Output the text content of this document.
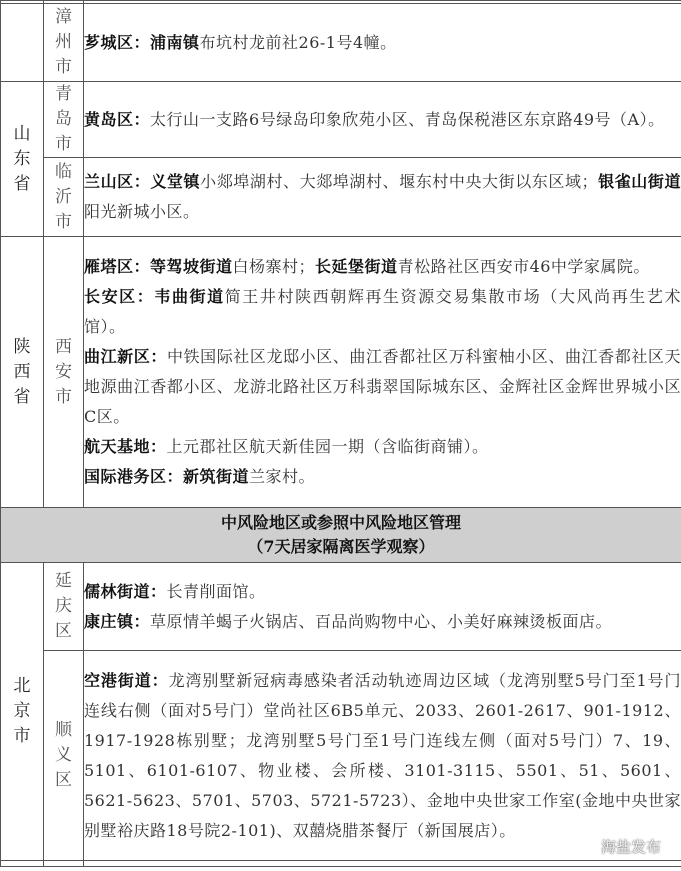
	漳州市	芗城区：浦南镇布坑村龙前社26-1号4幢。

山东省	青岛市	黄岛区：太行山一支路6号绿岛印象欣苑小区、青岛保税港区东京路49号（A）。

	临沂市	兰山区：义堂镇小郯埠湖村、大郯埠湖村、堰东村中央大街以东区域；银雀山街道阳光新城小区。

陕西省	西安市	雁塔区：等驾坡街道白杨寨村；长延堡街道青松路社区西安市46中学家属院。

长安区：韦曲街道简王井村陕西朝辉再生资源交易集散市场（大风尚再生艺术馆）。

曲江新区：中铁国际社区龙邸小区、曲江香都社区万科蜜柚小区、曲江香都社区天地源曲江香都小区、龙游北路社区万科翡翠国际城东区、金辉社区金辉世界城小区C区。

航天基地：上元郡社区航天新佳园一期（含临街商铺）。

国际港务区：新筑街道兰家村。

中风险地区或参照中风险地区管理
（7天居家隔离医学观察）		

北京市	延庆区	儒林街道：长青削面馆。

康庄镇：草原情羊蝎子火锅店、百品尚购物中心、小美好麻辣烫板面店。

	顺义区	空港街道：龙湾别墅新冠病毒感染者活动轨迹周边区域（龙湾别墅5号门至1号门连线右侧（面对5号门）堂尚社区6B5单元、2033、2601-2617、901-1912、1917-1928栋别墅；龙湾别墅5号门至1号门连线左侧（面对5号门）7、19、5101、6101-6107、物业楼、会所楼、3101-3115、5501、51、5601、5621-5623、5701、5703、5721-5723）、金地中央世家工作室(金地中央世家别墅裕庆路18号院2-101)、双囍烧腊茶餐厅（新国展店）。

海盐发布
